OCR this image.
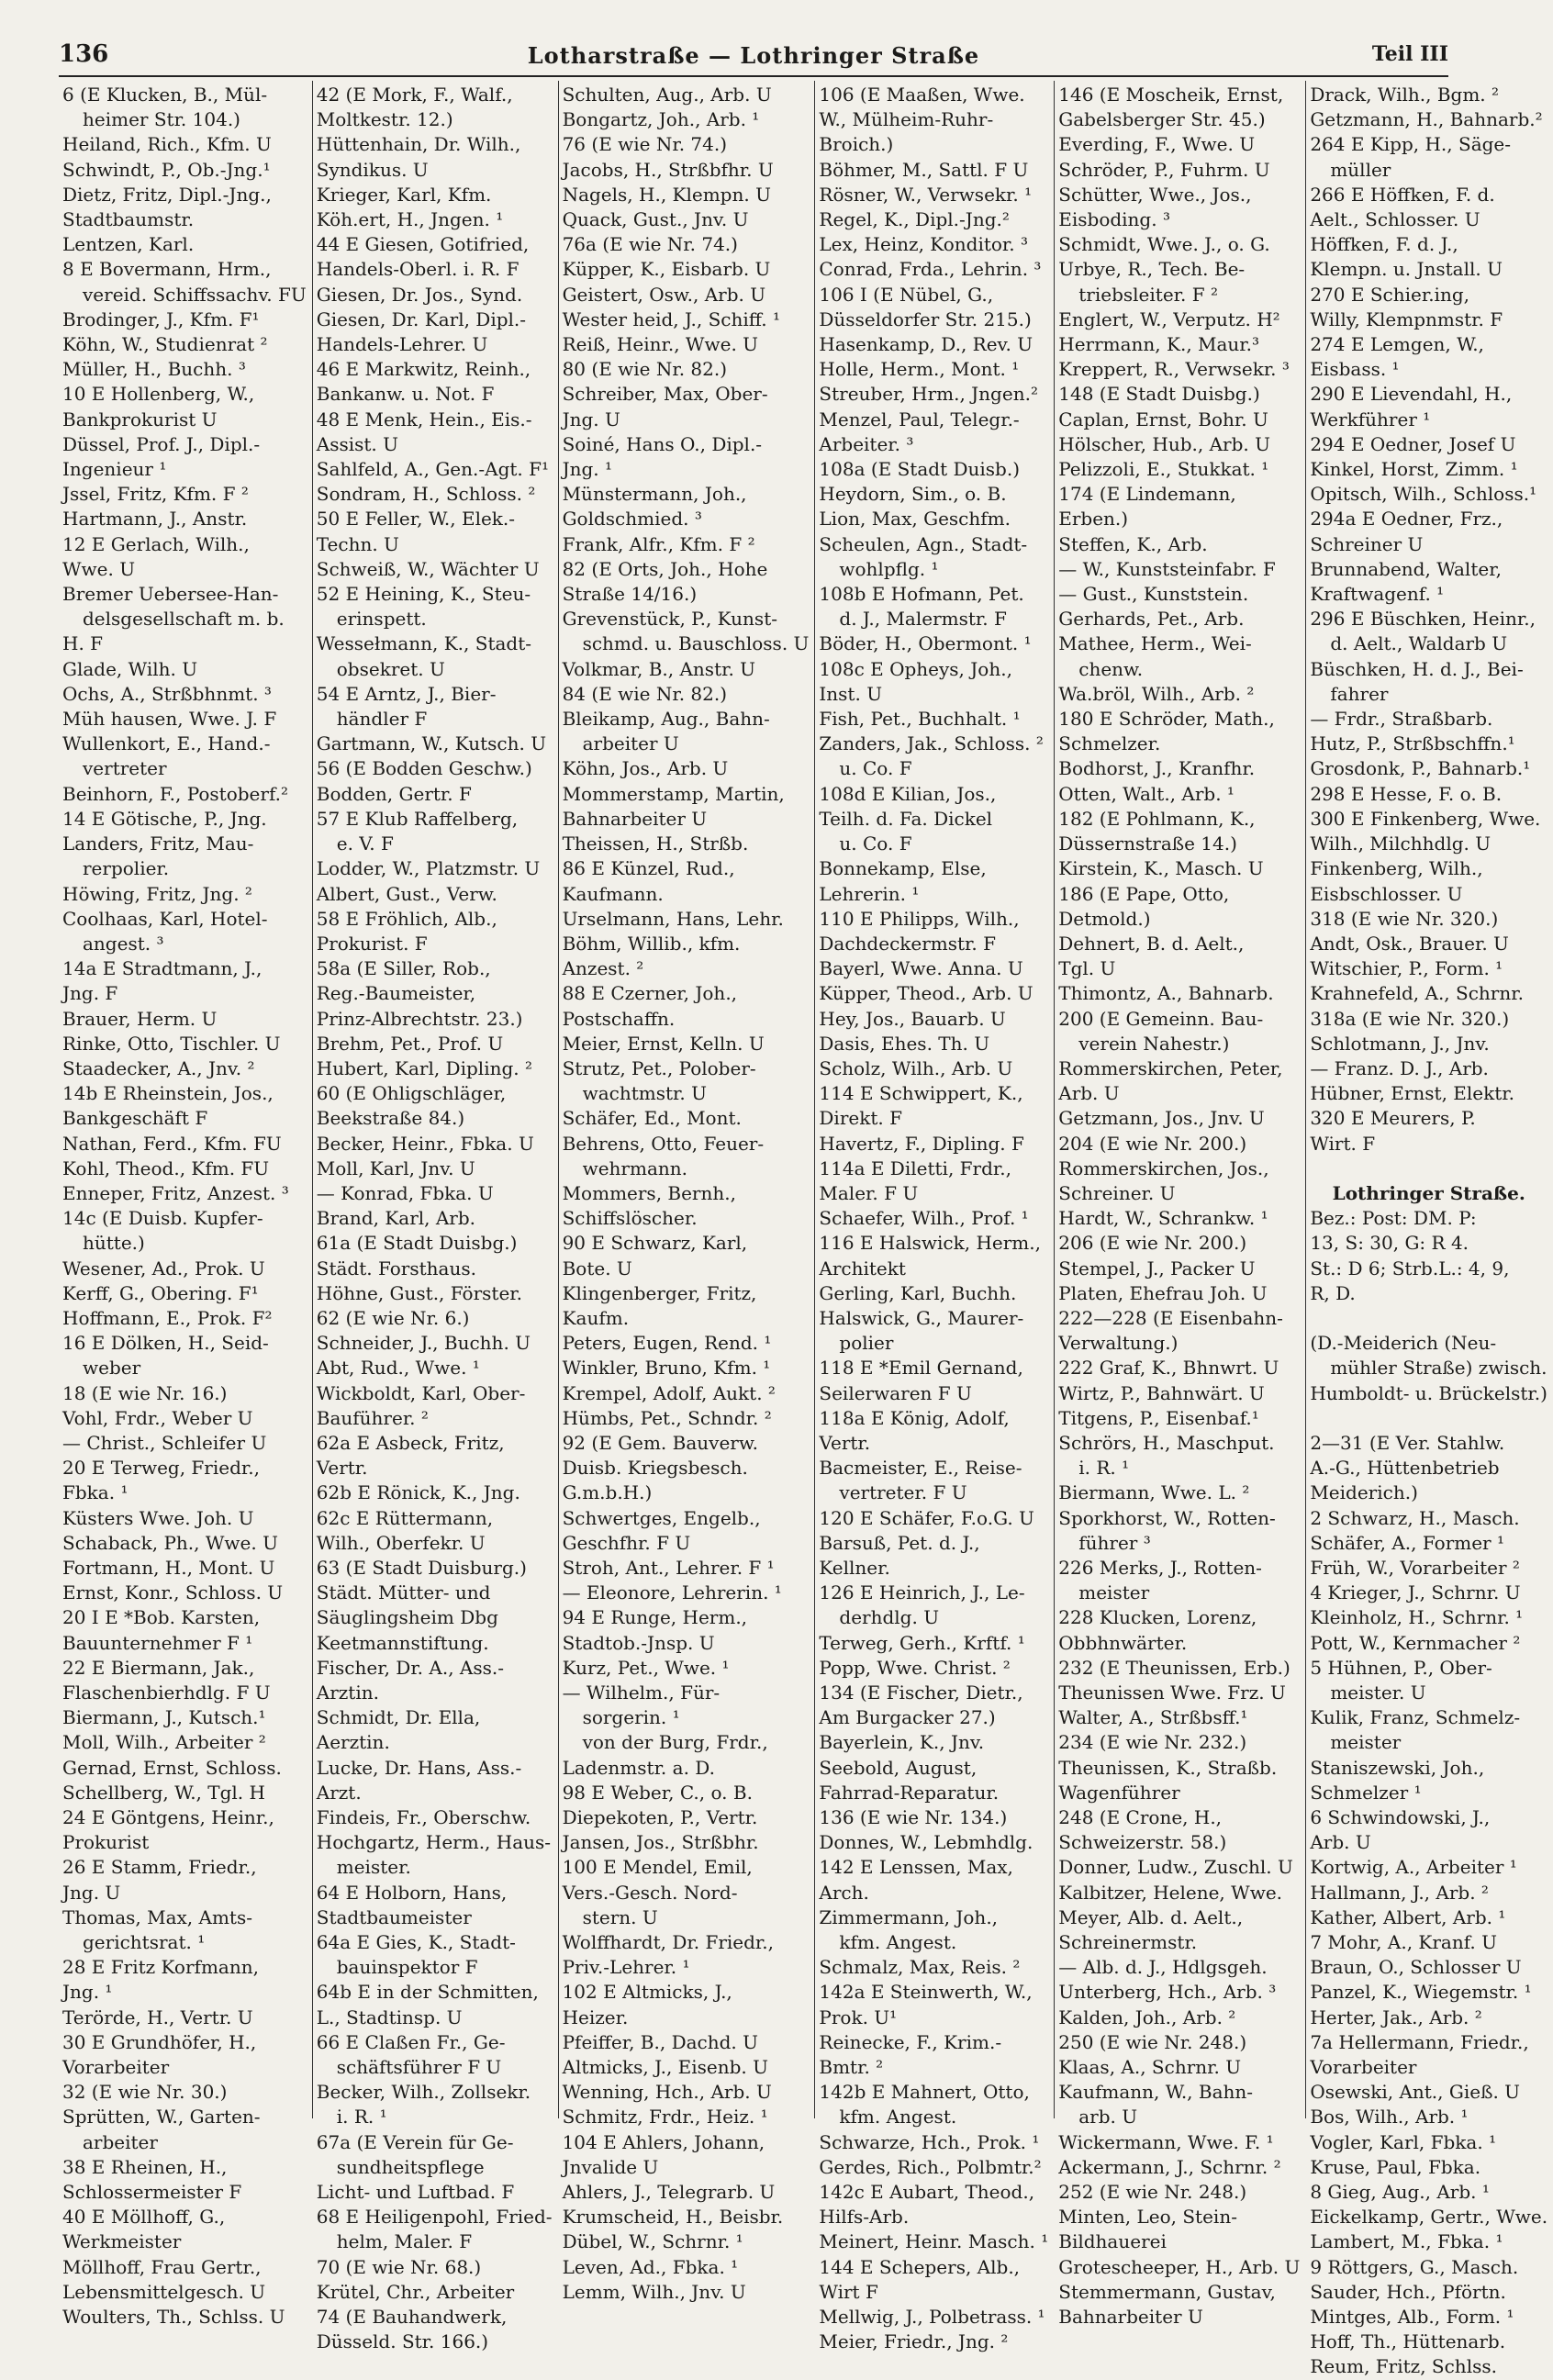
136	Lotharstraße — Lothringer Straße	Teil III
6 (E Klucken, B., Mül-
heimer Str. 104.)
Heiland, Rich., Kfm. U
Schwindt, P., Ob.-Jng.¹
Dietz, Fritz, Dipl.-Jng.,
Stadtbaumstr.
Lentzen, Karl.
8 E Bovermann, Hrm.,
vereid. Schiffssachv. FU
Brodinger, J., Kfm. F¹
Köhn, W., Studienrat ²
Müller, H., Buchh. ³
10 E Hollenberg, W.,
Bankprokurist U
Düssel, Prof. J., Dipl.-
Ingenieur ¹
Jssel, Fritz, Kfm. F ²
Hartmann, J., Anstr.
12 E Gerlach, Wilh.,
Wwe. U
Bremer Ueberseе-Han-
delsgesellschaft m. b.
H. F
Glade, Wilh. U
Ochs, A., Strßbhnmt. ³
Müh hausen, Wwe. J. F
Wullenkort, E., Hand.-
vertreter
Beinhorn, F., Postoberf.²
14 E Götische, P., Jng.
Landers, Fritz, Mau-
rerpolier.
Höwing, Fritz, Jng. ²
Coolhaas, Karl, Hotel-
angest. ³
14a E Stradtmann, J.,
Jng. F
Brauer, Herm. U
Rinke, Otto, Tischler. U
Staadecker, A., Jnv. ²
14b E Rheinstein, Jos.,
Bankgeschäft F
Nathan, Ferd., Kfm. FU
Kohl, Theod., Kfm. FU
Enneper, Fritz, Anzest. ³
14c (E Duisb. Kupfer-
hütte.)
Wesener, Ad., Prok. U
Kerff, G., Obering. F¹
Hoffmann, E., Prok. F²
16 E Dölken, H., Seid-
weber
18 (E wie Nr. 16.)
Vohl, Frdr., Weber U
— Christ., Schleifer U
20 E Terweg, Friedr.,
Fbka. ¹
Küsters Wwe. Joh. U
Schaback, Ph., Wwe. U
Fortmann, H., Mont. U
Ernst, Konr., Schloss. U
20 I E *Bob. Karsten,
Bauunternehmer F ¹
22 E Biermann, Jak.,
Flaschenbierhdlg. F U
Biermann, J., Kutsch.¹
Moll, Wilh., Arbeiter ²
Gernad, Ernst, Schloss.
Schellberg, W., Tgl. H
24 E Göntgens, Heinr.,
Prokurist
26 E Stamm, Friedr.,
Jng. U
Thomas, Max, Amts-
gerichtsrat. ¹
28 E Fritz Korfmann,
Jng. ¹
Terörde, H., Vertr. U
30 E Grundhöfer, H.,
Vorarbeiter
32 (E wie Nr. 30.)
Sprütten, W., Garten-
arbeiter
38 E Rheinen, H.,
Schlossermeister F
40 E Möllhoff, G.,
Werkmeister
Möllhoff, Frau Gertr.,
Lebensmittelgesch. U
Woulters, Th., Schlss. U
42 (E Mork, F., Walf.,
Moltkestr. 12.)
Hüttenhain, Dr. Wilh.,
Syndikus. U
Krieger, Karl, Kfm.
Köh.ert, H., Jngen. ¹
44 E Giesen, Gotifried,
Handels-Oberl. i. R. F
Giesen, Dr. Jos., Synd.
Giesen, Dr. Karl, Dipl.-
Handels-Lehrer. U
46 E Markwitz, Reinh.,
Bankanw. u. Not. F
48 E Menk, Hein., Eis.-
Assist. U
Sahlfeld, A., Gen.-Agt. F¹
Sondram, H., Schloss. ²
50 E Feller, W., Elek.-
Techn. U
Schweiß, W., Wächter U
52 E Heining, K., Steu-
erinspett.
Wessełmann, K., Stadt-
obsekret. U
54 E Arntz, J., Bier-
händler F
Gartmann, W., Kutsch. U
56 (E Bodden Geschw.)
Bodden, Gertr. F
57 E Klub Raffelberg,
e. V. F
Lodder, W., Platzmstr. U
Albert, Gust., Verw.
58 E Fröhlich, Alb.,
Prokurist. F
58a (E Siller, Rob.,
Reg.-Baumeister,
Prinz-Albrechtstr. 23.)
Brehm, Pet., Prof. U
Hubert, Karl, Dipling. ²
60 (E Ohligschläger,
Beekstraße 84.)
Becker, Heinr., Fbka. U
Moll, Karl, Jnv. U
— Konrad, Fbka. U
Brand, Karl, Arb.
61a (E Stadt Duisbg.)
Städt. Forsthaus.
Höhne, Gust., Förster.
62 (E wie Nr. 6.)
Schneider, J., Buchh. U
Abt, Rud., Wwe. ¹
Wickboldt, Karl, Ober-
Bauführer. ²
62a E Asbeck, Fritz,
Vertr.
62b E Rönick, K., Jng.
62c E Rüttermann,
Wilh., Oberfekr. U
63 (E Stadt Duisburg.)
Städt. Mütter- und
Säuglingsheim Dbg
Keetmannstiftung.
Fischer, Dr. A., Ass.-
Arztin.
Schmidt, Dr. Ella,
Aerztin.
Lucke, Dr. Hans, Ass.-
Arzt.
Findeis, Fr., Oberschw.
Hochgartz, Herm., Haus-
meister.
64 E Holborn, Hans,
Stadtbaumeister
64a E Gies, K., Stadt-
bauinspektor F
64b E in der Schmitten,
L., Stadtinsp. U
66 E Claßen Fr., Ge-
schäftsführer F U
Becker, Wilh., Zollsekr.
i. R. ¹
67a (E Verein für Ge-
sundheitspflege
Licht- und Luftbad. F
68 E Heiligenpohl, Fried-
helm, Maler. F
70 (E wie Nr. 68.)
Krütel, Chr., Arbeiter
74 (E Bauhandwerk,
Düsseld. Str. 166.)
Schulten, Aug., Arb. U
Bongartz, Joh., Arb. ¹
76 (E wie Nr. 74.)
Jacobs, H., Strßbfhr. U
Nagels, H., Klempn. U
Quack, Gust., Jnv. U
76a (E wie Nr. 74.)
Küpper, K., Eisbarb. U
Geistert, Osw., Arb. U
Wester heid, J., Schiff. ¹
Reiß, Heinr., Wwe. U
80 (E wie Nr. 82.)
Schreiber, Max, Ober-
Jng. U
Soiné, Hans O., Dipl.-
Jng. ¹
Münstermann, Joh.,
Goldschmied. ³
Frank, Alfr., Kfm. F ²
82 (E Orts, Joh., Hohe
Straße 14/16.)
Grevenstück, P., Kunst-
schmd. u. Bauschloss. U
Volkmar, B., Anstr. U
84 (E wie Nr. 82.)
Bleikamp, Aug., Bahn-
arbeiter U
Köhn, Jos., Arb. U
Mommerstamp, Martin,
Bahnarbeiter U
Theissen, H., Strßb.
86 E Künzel, Rud.,
Kaufmann.
Urselmann, Hans, Lehr.
Böhm, Willib., kfm.
Anzest. ²
88 E Czerner, Joh.,
Postschaffn.
Meier, Ernst, Kelln. U
Strutz, Pet., Polober-
wachtmstr. U
Schäfer, Ed., Mont.
Behrens, Otto, Feuer-
wehrmann.
Mommers, Bernh.,
Schiffslöscher.
90 E Schwarz, Karl,
Bote. U
Klingenberger, Fritz,
Kaufm.
Peters, Eugen, Rend. ¹
Winkler, Bruno, Kfm. ¹
Krempel, Adolf, Aukt. ²
Hümbs, Pet., Schndr. ²
92 (E Gem. Bauverw.
Duisb. Kriegsbesch.
G.m.b.H.)
Schwertges, Engelb.,
Geschfhr. F U
Stroh, Ant., Lehrer. F ¹
— Eleonore, Lehrerin. ¹
94 E Runge, Herm.,
Stadtob.-Jnsp. U
Kurz, Pet., Wwe. ¹
— Wilhelm., Für-
sorgerin. ¹
von der Burg, Frdr.,
Ladenmstr. a. D.
98 E Weber, C., o. B.
Diepekoten, P., Vertr.
Jansen, Jos., Strßbhr.
100 E Mendel, Emil,
Vers.-Gesch. Nord-
stern. U
Wolffhardt, Dr. Friedr.,
Priv.-Lehrer. ¹
102 E Altmicks, J.,
Heizer.
Pfeiffer, B., Dachd. U
Altmicks, J., Eisenb. U
Wenning, Hch., Arb. U
Schmitz, Frdr., Heiz. ¹
104 E Ahlers, Johann,
Jnvalide U
Ahlers, J., Telegrarb. U
Krumscheid, H., Beisbr.
Dübel, W., Schrnr. ¹
Leven, Ad., Fbka. ¹
Lemm, Wilh., Jnv. U
106 (E Maaßen, Wwe.
W., Mülheim-Ruhr-
Broich.)
Böhmer, M., Sattl. F U
Rösner, W., Verwsekr. ¹
Regel, K., Dipl.-Jng.²
Lex, Heinz, Konditor. ³
Conrad, Frda., Lehrin. ³
106 I (E Nübel, G.,
Düsseldorfer Str. 215.)
Hasenkamp, D., Rev. U
Holle, Herm., Mont. ¹
Streuber, Hrm., Jngen.²
Menzel, Paul, Telegr.-
Arbeiter. ³
108a (E Stadt Duisb.)
Heydorn, Sim., o. B.
Lion, Max, Geschfm.
Scheulen, Agn., Stadt-
wohlpflg. ¹
108b E Hofmann, Pet.
d. J., Malermstr. F
Böder, H., Obermont. ¹
108c E Opheys, Joh.,
Inst. U
Fish, Pet., Buchhalt. ¹
Zanders, Jak., Schloss. ²
u. Co. F
108d E Kilian, Jos.,
Teilh. d. Fa. Dickel
u. Co. F
Bonnekamp, Else,
Lehrerin. ¹
110 E Philipps, Wilh.,
Dachdeckermstr. F
Bayerl, Wwe. Anna. U
Küpper, Theod., Arb. U
Hey, Jos., Bauarb. U
Dasis, Ehes. Th. U
Scholz, Wilh., Arb. U
114 E Schwippert, K.,
Direkt. F
Havertz, F., Dipling. F
114a E Diletti, Frdr.,
Maler. F U
Schaefer, Wilh., Prof. ¹
116 E Halswick, Herm.,
Architekt
Gerling, Karl, Buchh.
Halswick, G., Maurer-
polier
118 E *Emil Gernand,
Seilerwaren F U
118a E König, Adolf,
Vertr.
Bacmeister, E., Reise-
vertreter. F U
120 E Schäfer, F.o.G. U
Barsuß, Pet. d. J.,
Kellner.
126 E Heinrich, J., Le-
derhdlg. U
Terweg, Gerh., Krftf. ¹
Popp, Wwe. Christ. ²
134 (E Fischer, Dietr.,
Am Burgacker 27.)
Bayerlein, K., Jnv.
Seebold, August,
Fahrrad-Reparatur.
136 (E wie Nr. 134.)
Donnes, W., Lebmhdlg.
142 E Lenssen, Max,
Arch.
Zimmermann, Joh.,
kfm. Angest.
Schmalz, Max, Reis. ²
142a E Steinwerth, W.,
Prok. U¹
Reinecke, F., Krim.-
Bmtr. ²
142b E Mahnert, Otto,
kfm. Angest.
Schwarze, Hch., Prok. ¹
Gerdes, Rich., Polbmtr.²
142c E Aubart, Theod.,
Hilfs-Arb.
Meinert, Heinr. Masch. ¹
144 E Schepers, Alb.,
Wirt F
Mellwig, J., Polbetrass. ¹
Meier, Friedr., Jng. ²
146 (E Moscheik, Ernst,
Gabelsberger Str. 45.)
Everding, F., Wwe. U
Schröder, P., Fuhrm. U
Schütter, Wwe., Jos.,
Eisboding. ³
Schmidt, Wwe. J., o. G.
Urbye, R., Tech. Be-
triebsleiter. F ²
Englert, W., Verputz. H²
Herrmann, K., Maur.³
Kreppert, R., Verwsekr. ³
148 (E Stadt Duisbg.)
Caplan, Ernst, Bohr. U
Hölscher, Hub., Arb. U
Pelizzoli, E., Stukkat. ¹
174 (E Lindemann,
Erben.)
Steffen, K., Arb.
— W., Kunststeinfabr. F
— Gust., Kunststein.
Gerhards, Pet., Arb.
Mathee, Herm., Wei-
chenw.
Wa.bröl, Wilh., Arb. ²
180 E Schröder, Math.,
Schmelzer.
Bodhorst, J., Kranfhr.
Otten, Walt., Arb. ¹
182 (E Pohlmann, K.,
Düssernstraße 14.)
Kirstein, K., Masch. U
186 (E Pape, Otto,
Detmold.)
Dehnert, B. d. Aelt.,
Tgl. U
Thimontz, A., Bahnarb.
200 (E Gemeinn. Bau-
verein Nahestr.)
Rommerskirchen, Peter,
Arb. U
Getzmann, Jos., Jnv. U
204 (E wie Nr. 200.)
Rommerskirchen, Jos.,
Schreiner. U
Hardt, W., Schrankw. ¹
206 (E wie Nr. 200.)
Stempel, J., Packer U
Platen, Ehefrau Joh. U
222—228 (E Eisenbahn-
Verwaltung.)
222 Graf, K., Bhnwrt. U
Wirtz, P., Bahnwärt. U
Titgens, P., Eisenbaf.¹
Schrörs, H., Maschput.
i. R. ¹
Biermann, Wwe. L. ²
Sporkhorst, W., Rotten-
führer ³
226 Merks, J., Rotten-
meister
228 Klucken, Lorenz,
Obbhnwärter.
232 (E Theunissen, Erb.)
Theunissen Wwe. Frz. U
Walter, A., Strßbsff.¹
234 (E wie Nr. 232.)
Theunissen, K., Straßb.
Wagenführer
248 (E Crone, H.,
Schweizerstr. 58.)
Donner, Ludw., Zuschl. U
Kalbitzer, Helene, Wwe.
Meyer, Alb. d. Aelt.,
Schreinermstr.
— Alb. d. J., Hdlgsgeh.
Unterberg, Hch., Arb. ³
Kalden, Joh., Arb. ²
250 (E wie Nr. 248.)
Klaas, A., Schrnr. U
Kaufmann, W., Bahn-
arb. U
Wickermann, Wwe. F. ¹
Ackermann, J., Schrnr. ²
252 (E wie Nr. 248.)
Minten, Leo, Stein-
Bildhauerei
Grotescheeper, H., Arb. U
Stemmermann, Gustav,
Bahnarbeiter U
Drack, Wilh., Bgm. ²
Getzmann, H., Bahnarb.²
264 E Kipp, H., Säge-
müller
266 E Höffken, F. d.
Aelt., Schlosser. U
Höffken, F. d. J.,
Klempn. u. Jnstall. U
270 E Schier.ing,
Willy, Klempnmstr. F
274 E Lemgen, W.,
Eisbass. ¹
290 E Lievendahl, H.,
Werkführer ¹
294 E Oedner, Josef U
Kinkel, Horst, Zimm. ¹
Opitsch, Wilh., Schloss.¹
294a E Oedner, Frz.,
Schreiner U
Brunnabend, Walter,
Kraftwagenf. ¹
296 E Büschken, Heinr.,
d. Aelt., Waldarb U
Büschken, H. d. J., Bei-
fahrer
— Frdr., Straßbarb.
Hutz, P., Strßbschffn.¹
Grosdonk, P., Bahnarb.¹
298 E Hesse, F. o. B.
300 E Finkenberg, Wwe.
Wilh., Milchhdlg. U
Finkenberg, Wilh.,
Eisbschlosser. U
318 (E wie Nr. 320.)
Andt, Osk., Brauer. U
Witschier, P., Form. ¹
Krahnefeld, A., Schrnr.
318a (E wie Nr. 320.)
Schlotmann, J., Jnv.
— Franz. D. J., Arb.
Hübner, Ernst, Elektr.
320 E Meurers, P.
Wirt. F

Lothringer Straße.
Bez.: Post: DM. P:
13, S: 30, G: R 4.
St.: D 6; Strb.L.: 4, 9,
R, D.

(D.-Meiderich (Neu-
mühler Straße) zwisch.
Humboldt- u. Brückelstr.)

2—31 (E Ver. Stahlw.
A.-G., Hüttenbetrieb
Meiderich.)
2 Schwarz, H., Masch.
Schäfer, A., Former ¹
Früh, W., Vorarbeiter ²
4 Krieger, J., Schrnr. U
Kleinholz, H., Schrnr. ¹
Pott, W., Kernmacher ²
5 Hühnen, P., Ober-
meister. U
Kulik, Franz, Schmelz-
meister
Staniszewski, Joh.,
Schmelzer ¹
6 Schwindowski, J.,
Arb. U
Kortwig, A., Arbeiter ¹
Hallmann, J., Arb. ²
Kather, Albert, Arb. ¹
7 Mohr, A., Kranf. U
Braun, O., Schlosser U
Panzel, K., Wiegemstr. ¹
Herter, Jak., Arb. ²
7a Hellermann, Friedr.,
Vorarbeiter
Osewski, Ant., Gieß. U
Bos, Wilh., Arb. ¹
Vogler, Karl, Fbka. ¹
Kruse, Paul, Fbka.
8 Gieg, Aug., Arb. ¹
Eickelkamp, Gertr., Wwe.
Lambert, M., Fbka. ¹
9 Röttgers, G., Masch.
Sauder, Hch., Pförtn.
Mintges, Alb., Form. ¹
Hoff, Th., Hüttenarb.
Reum, Fritz, Schlss.
